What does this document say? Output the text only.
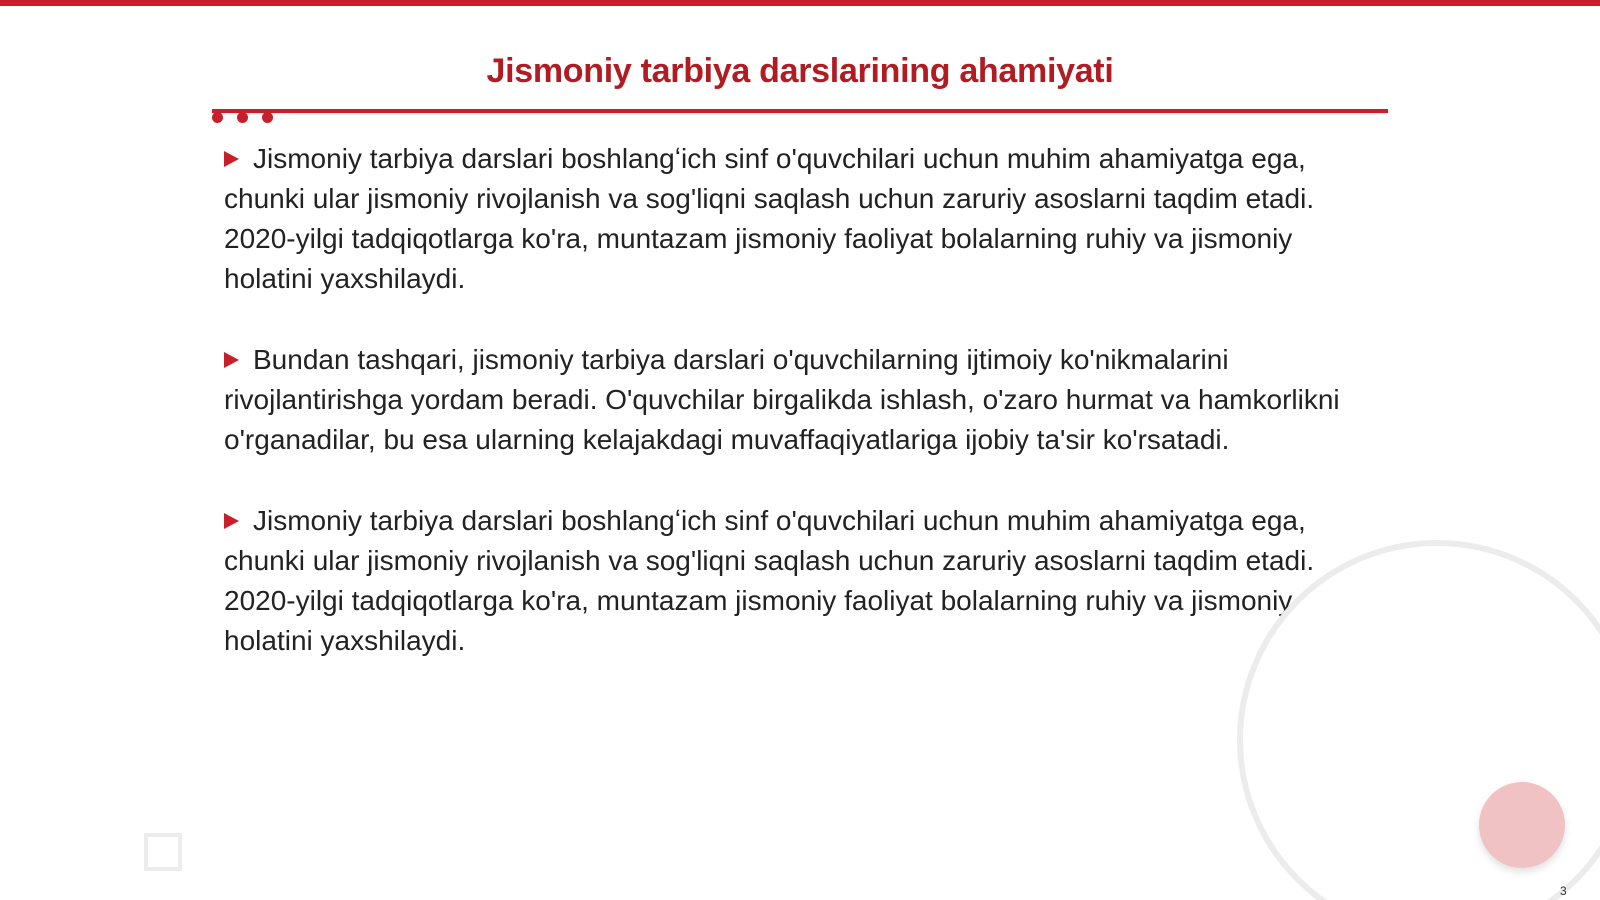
Jismoniy tarbiya darslarining ahamiyati

Jismoniy tarbiya darslari boshlangʻich sinf o'quvchilari uchun muhim ahamiyatga ega, chunki ular jismoniy rivojlanish va sog'liqni saqlash uchun zaruriy asoslarni taqdim etadi. 2020-yilgi tadqiqotlarga ko'ra, muntazam jismoniy faoliyat bolalarning ruhiy va jismoniy holatini yaxshilaydi.

Bundan tashqari, jismoniy tarbiya darslari o'quvchilarning ijtimoiy ko'nikmalarini rivojlantirishga yordam beradi. O'quvchilar birgalikda ishlash, o'zaro hurmat va hamkorlikni o'rganadilar, bu esa ularning kelajakdagi muvaffaqiyatlariga ijobiy ta'sir ko'rsatadi.

Jismoniy tarbiya darslari boshlangʻich sinf o'quvchilari uchun muhim ahamiyatga ega, chunki ular jismoniy rivojlanish va sog'liqni saqlash uchun zaruriy asoslarni taqdim etadi. 2020-yilgi tadqiqotlarga ko'ra, muntazam jismoniy faoliyat bolalarning ruhiy va jismoniy holatini yaxshilaydi.

3
